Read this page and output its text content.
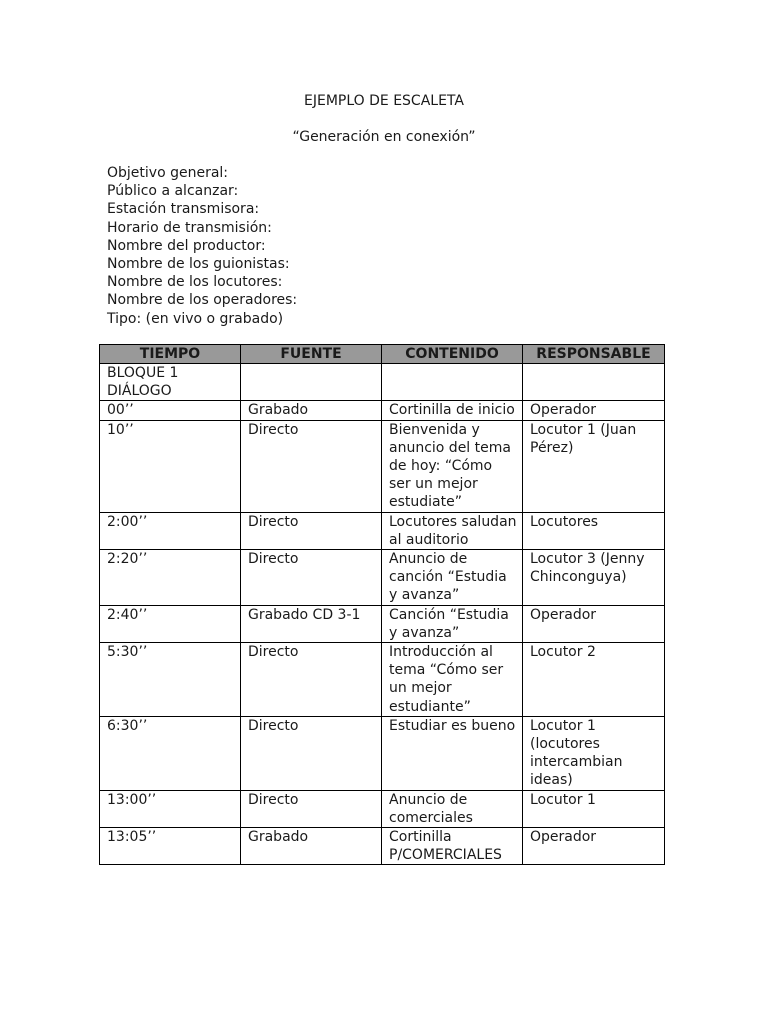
EJEMPLO DE ESCALETA
“Generación en conexión”
Objetivo general:
Público a alcanzar:
Estación transmisora:
Horario de transmisión:
Nombre del productor:
Nombre de los guionistas:
Nombre de los locutores:
Nombre de los operadores:
Tipo: (en vivo o grabado)
TIEMPO	FUENTE	CONTENIDO	RESPONSABLE
BLOQUE 1 DIÁLOGO			
00’’	Grabado	Cortinilla de inicio	Operador
10’’	Directo	Bienvenida y anuncio del tema de hoy: “Cómo ser un mejor estudiate”	Locutor 1 (Juan Pérez)
2:00’’	Directo	Locutores saludan al auditorio	Locutores
2:20’’	Directo	Anuncio de canción “Estudia y avanza”	Locutor 3 (Jenny Chinconguya)
2:40’’	Grabado CD 3-1	Canción “Estudia y avanza”	Operador
5:30’’	Directo	Introducción al tema “Cómo ser un mejor estudiante”	Locutor 2
6:30’’	Directo	Estudiar es bueno	Locutor 1 (locutores intercambian ideas)
13:00’’	Directo	Anuncio de comerciales	Locutor 1
13:05’’	Grabado	Cortinilla P/COMERCIALES	Operador
